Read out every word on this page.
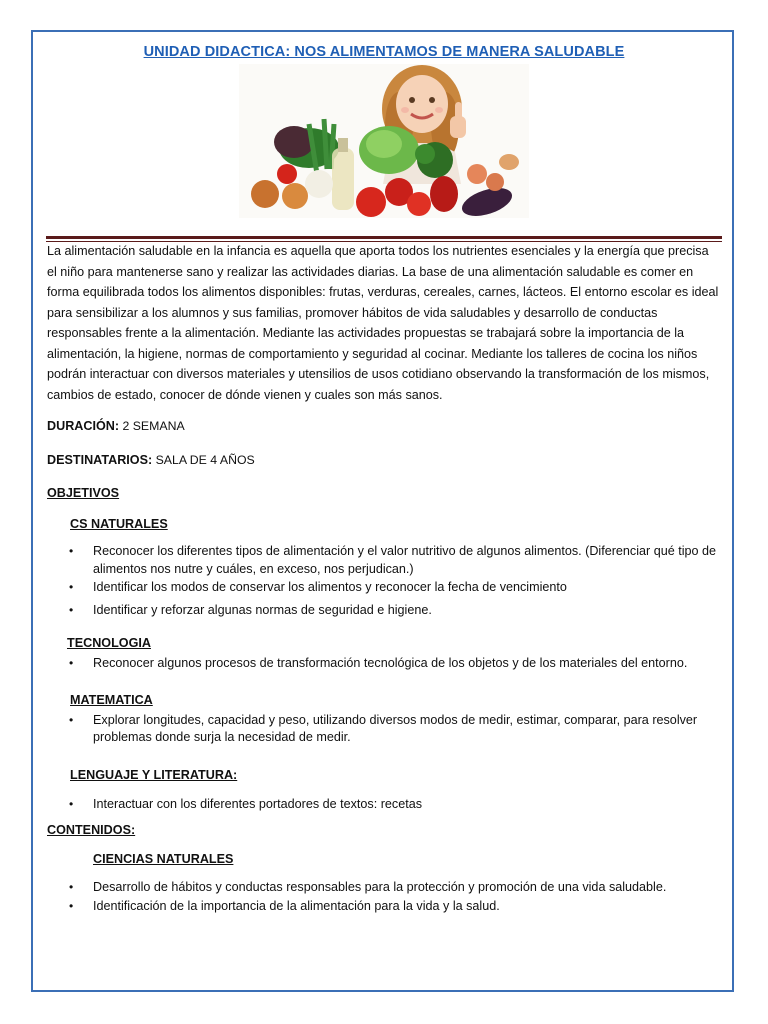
UNIDAD DIDACTICA: NOS ALIMENTAMOS DE MANERA SALUDABLE

La alimentación saludable en la infancia es aquella que aporta todos los nutrientes esenciales y la energía que precisa el niño para mantenerse sano y realizar las actividades diarias. La base de una alimentación saludable es comer en forma equilibrada todos los alimentos disponibles: frutas, verduras, cereales, carnes, lácteos. El entorno escolar es ideal para sensibilizar a los alumnos y sus familias, promover hábitos de vida saludables y desarrollo de conductas responsables frente a la alimentación. Mediante las actividades propuestas se trabajará sobre la importancia de la alimentación, la higiene, normas de comportamiento y seguridad al cocinar. Mediante los talleres de cocina los niños podrán interactuar con diversos materiales y utensilios de usos cotidiano observando la transformación de los mismos, cambios de estado, conocer de dónde vienen y cuales son más sanos.

DURACIÓN: 2 SEMANA

DESTINATARIOS: SALA DE 4 AÑOS

OBJETIVOS

CS NATURALES

• Reconocer los diferentes tipos de alimentación y el valor nutritivo de algunos alimentos. (Diferenciar qué tipo de alimentos nos nutre y cuáles, en exceso, nos perjudican.)
• Identificar los modos de conservar los alimentos y reconocer la fecha de vencimiento
• Identificar y reforzar algunas normas de seguridad e higiene.

TECNOLOGIA

• Reconocer algunos procesos de transformación tecnológica de los objetos y de los materiales del entorno.

MATEMATICA

• Explorar longitudes, capacidad y peso, utilizando diversos modos de medir, estimar, comparar, para resolver problemas donde surja la necesidad de medir.

LENGUAJE Y LITERATURA:

• Interactuar con los diferentes portadores de textos: recetas

CONTENIDOS:

CIENCIAS NATURALES

• Desarrollo de hábitos y conductas responsables para la protección y promoción de una vida saludable.
• Identificación de la importancia de la alimentación para la vida y la salud.
